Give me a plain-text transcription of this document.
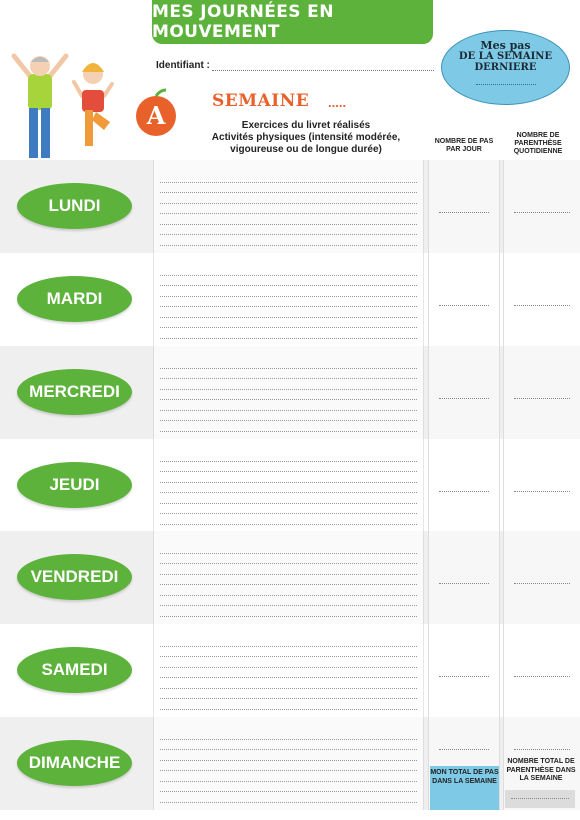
MES JOURNÉES EN MOUVEMENT
Mes pas
DE LA SEMAINE
DERNIERE
A
Identifiant :
SEMAINE .....
Exercices du livret réalisés
Activités physiques (intensité modérée,
vigoureuse ou de longue durée)
NOMBRE DE PAS PAR JOUR
NOMBRE DE PARENTHÈSE QUOTIDIENNE
LUNDI
MARDI
MERCREDI
JEUDI
VENDREDI
SAMEDI
DIMANCHE
MON TOTAL DE PAS DANS LA SEMAINE
NOMBRE TOTAL DE PARENTHÈSE DANS LA SEMAINE
